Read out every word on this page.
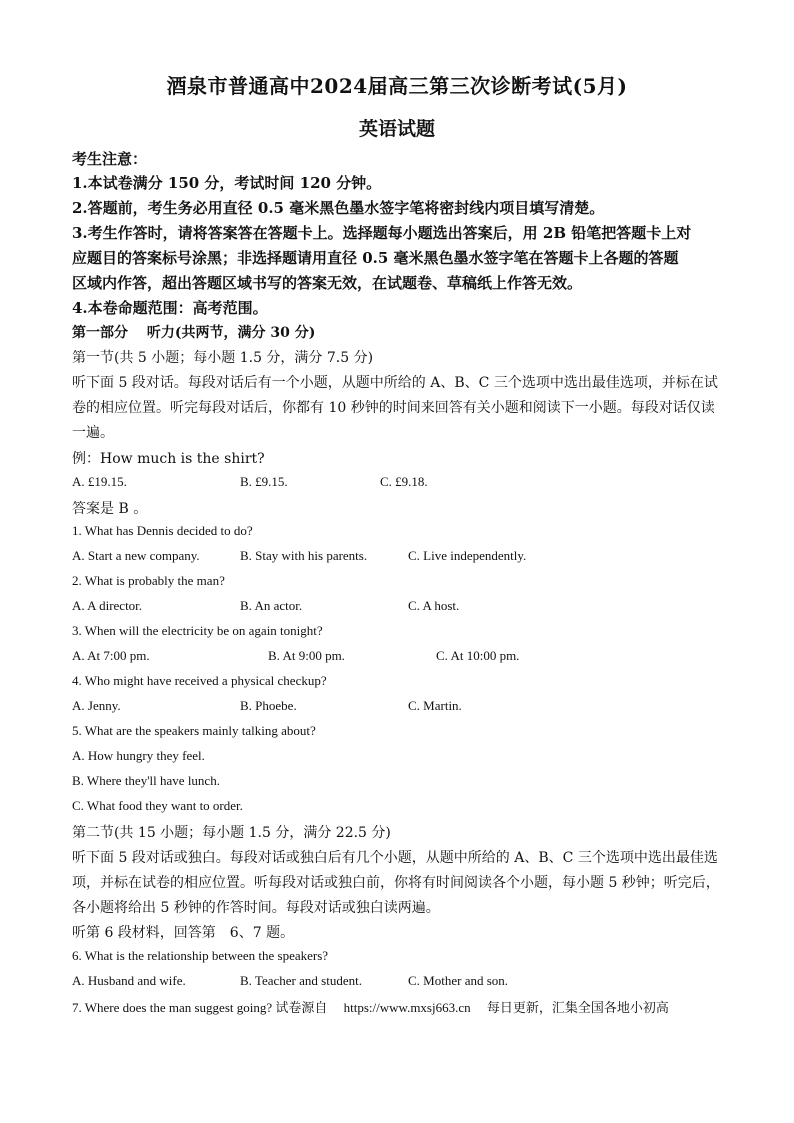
酒泉市普通高中2024届高三第三次诊断考试(5月)
英语试题
考生注意：
1.本试卷满分 150 分，考试时间 120 分钟。
2.答题前，考生务必用直径 0.5 毫米黑色墨水签字笔将密封线内项目填写清楚。
3.考生作答时，请将答案答在答题卡上。选择题每小题选出答案后，用 2B 铅笔把答题卡上对
应题目的答案标号涂黑；非选择题请用直径 0.5 毫米黑色墨水签字笔在答题卡上各题的答题
区域内作答，超出答题区域书写的答案无效，在试题卷、草稿纸上作答无效。
4.本卷命题范围：高考范围。
第一部分　 听力(共两节，满分 30 分)
第一节(共 5 小题；每小题 1.5 分，满分 7.5 分)
听下面 5 段对话。每段对话后有一个小题，从题中所给的 A、B、C 三个选项中选出最佳选项，并标在试
卷的相应位置。听完每段对话后，你都有 10 秒钟的时间来回答有关小题和阅读下一小题。每段对话仅读
一遍。
例：How much is the shirt?
A. £19.15.	B. £9.15.	C. £9.18.
答案是 B 。
1. What has Dennis decided to do?
A. Start a new company.	B. Stay with his parents.	C. Live independently.
2. What is probably the man?
A. A director.	B. An actor.	C. A host.
3. When will the electricity be on again tonight?
A. At 7:00 pm.	B. At 9:00 pm.	C. At 10:00 pm.
4. Who might have received a physical checkup?
A. Jenny.	B. Phoebe.	C. Martin.
5. What are the speakers mainly talking about?
A. How hungry they feel.
B. Where they'll have lunch.
C. What food they want to order.
第二节(共 15 小题；每小题 1.5 分，满分 22.5 分)
听下面 5 段对话或独白。每段对话或独白后有几个小题，从题中所给的 A、B、C 三个选项中选出最佳选
项，并标在试卷的相应位置。听每段对话或独白前，你将有时间阅读各个小题，每小题 5 秒钟；听完后，
各小题将给出 5 秒钟的作答时间。每段对话或独白读两遍。
听第 6 段材料，回答第　6、7 题。
6. What is the relationship between the speakers?
A. Husband and wife.	B. Teacher and student.	C. Mother and son.
7. Where does the man suggest going? 试卷源自　 https://www.mxsj663.cn　 每日更新，汇集全国各地小初高
